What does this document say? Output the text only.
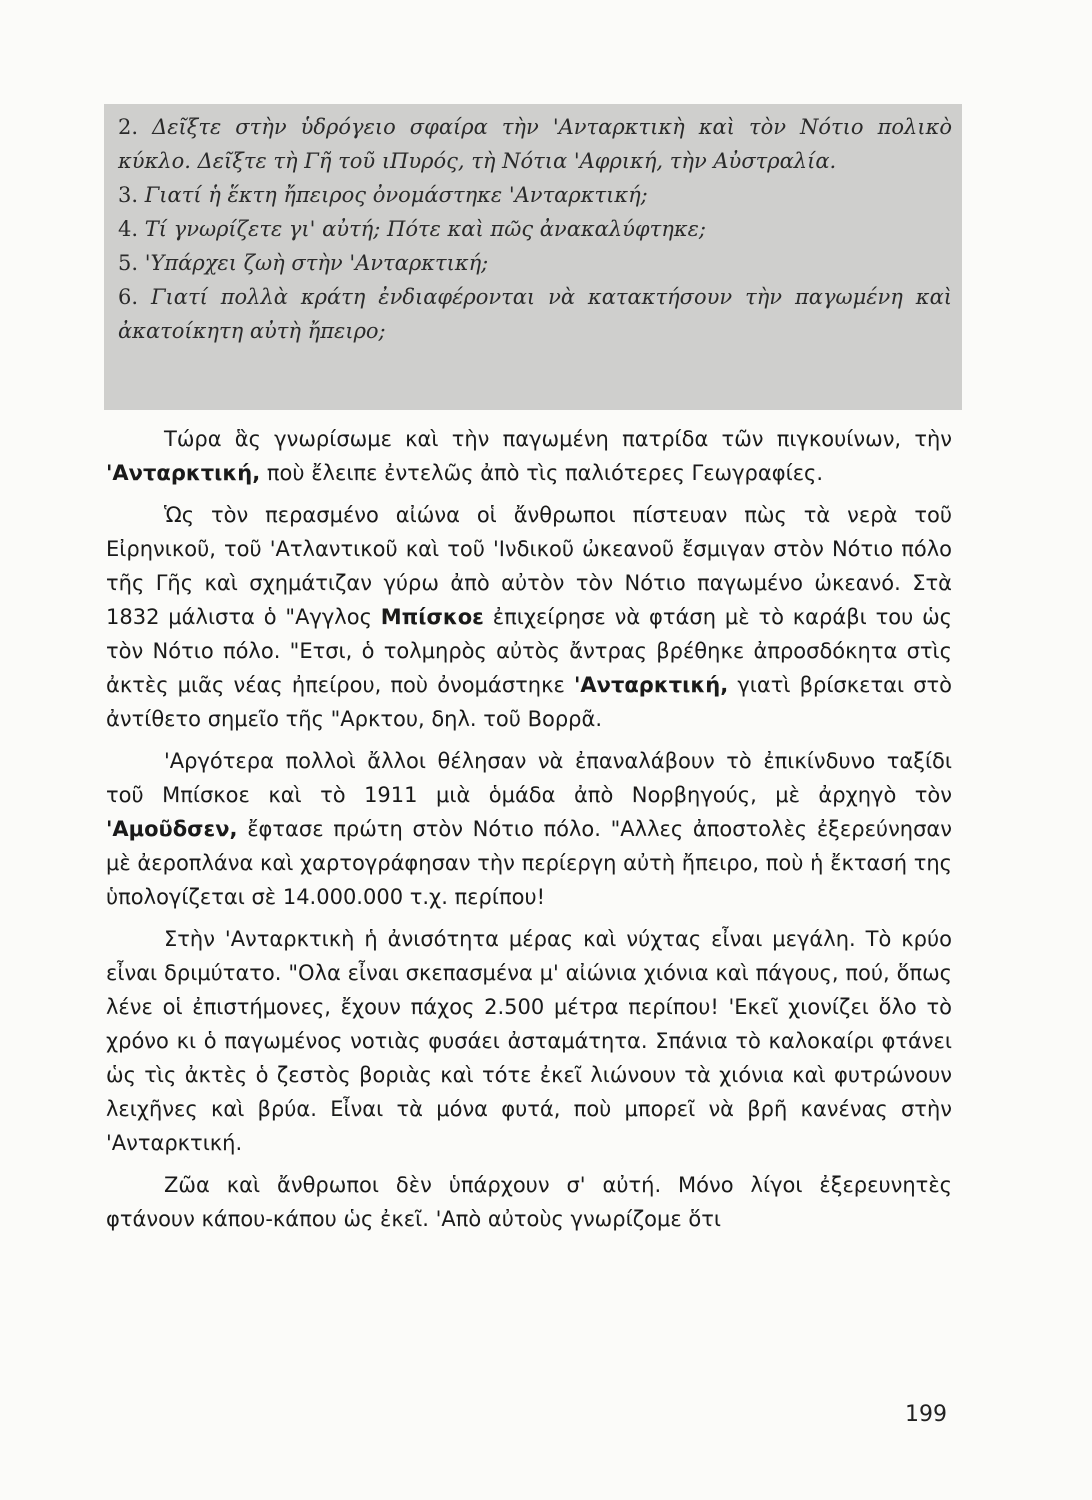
2. Δεῖξτε στὴν ὑδρόγειο σφαίρα τὴν 'Ανταρκτικὴ καὶ τὸν Νότιο πολικὸ κύκλο. Δεῖξτε τὴ Γῆ τοῦ ιΠυρός, τὴ Νότια 'Αφρική, τὴν Αὐστραλία.

3. Γιατί ἡ ἕκτη ἤπειρος ὀνομάστηκε 'Ανταρκτική;

4. Τί γνωρίζετε γι' αὐτή; Πότε καὶ πῶς ἀνακαλύφτηκε;

5. 'Υπάρχει ζωὴ στὴν 'Ανταρκτική;

6. Γιατί πολλὰ κράτη ἐνδιαφέρονται νὰ κατακτήσουν τὴν παγωμένη καὶ ἀκατοίκητη αὐτὴ ἤπειρο;

Τώρα ἃς γνωρίσωμε καὶ τὴν παγωμένη πατρίδα τῶν πιγκουίνων, τὴν 'Ανταρκτική, ποὺ ἔλειπε ἐντελῶς ἀπὸ τὶς παλιότερες Γεωγραφίες.

Ὡς τὸν περασμένο αἰώνα οἱ ἄνθρωποι πίστευαν πὼς τὰ νερὰ τοῦ Εἰρηνικοῦ, τοῦ 'Ατλαντικοῦ καὶ τοῦ 'Ινδικοῦ ὠκεανοῦ ἔσμιγαν στὸν Νότιο πόλο τῆς Γῆς καὶ σχημάτιζαν γύρω ἀπὸ αὐτὸν τὸν Νότιο παγωμένο ὠκεανό. Στὰ 1832 μάλιστα ὁ "Αγγλος Μπίσκοε ἐπιχείρησε νὰ φτάση μὲ τὸ καράβι του ὡς τὸν Νότιο πόλο. "Ετσι, ὁ τολμηρὸς αὐτὸς ἄντρας βρέθηκε ἀπροσδόκητα στὶς ἀκτὲς μιᾶς νέας ἠπείρου, ποὺ ὀνομάστηκε 'Ανταρκτική, γιατὶ βρίσκεται στὸ ἀντίθετο σημεῖο τῆς "Αρκτου, δηλ. τοῦ Βορρᾶ.

'Αργότερα πολλοὶ ἄλλοι θέλησαν νὰ ἐπαναλάβουν τὸ ἐπικίνδυνο ταξίδι τοῦ Μπίσκοε καὶ τὸ 1911 μιὰ ὁμάδα ἀπὸ Νορβηγούς, μὲ ἀρχηγὸ τὸν 'Αμοῦδσεν, ἔφτασε πρώτη στὸν Νότιο πόλο. "Αλλες ἀποστολὲς ἐξερεύνησαν μὲ ἀεροπλάνα καὶ χαρτογράφησαν τὴν περίεργη αὐτὴ ἤπειρο, ποὺ ἡ ἔκτασή της ὑπολογίζεται σὲ 14.000.000 τ.χ. περίπου!

Στὴν 'Ανταρκτικὴ ἡ ἀνισότητα μέρας καὶ νύχτας εἶναι μεγάλη. Τὸ κρύο εἶναι δριμύτατο. "Ολα εἶναι σκεπασμένα μ' αἰώνια χιόνια καὶ πάγους, πού, ὅπως λένε οἱ ἐπιστήμονες, ἔχουν πάχος 2.500 μέτρα περίπου! 'Εκεῖ χιονίζει ὅλο τὸ χρόνο κι ὁ παγωμένος νοτιὰς φυσάει ἀσταμάτητα. Σπάνια τὸ καλοκαίρι φτάνει ὡς τὶς ἀκτὲς ὁ ζεστὸς βοριὰς καὶ τότε ἐκεῖ λιώνουν τὰ χιόνια καὶ φυτρώνουν λειχῆνες καὶ βρύα. Εἶναι τὰ μόνα φυτά, ποὺ μπορεῖ νὰ βρῆ κανένας στὴν 'Ανταρκτική.

Ζῶα καὶ ἄνθρωποι δὲν ὑπάρχουν σ' αὐτή. Μόνο λίγοι ἐξερευνητὲς φτάνουν κάπου-κάπου ὡς ἐκεῖ. 'Απὸ αὐτοὺς γνωρίζομε ὅτι

199
